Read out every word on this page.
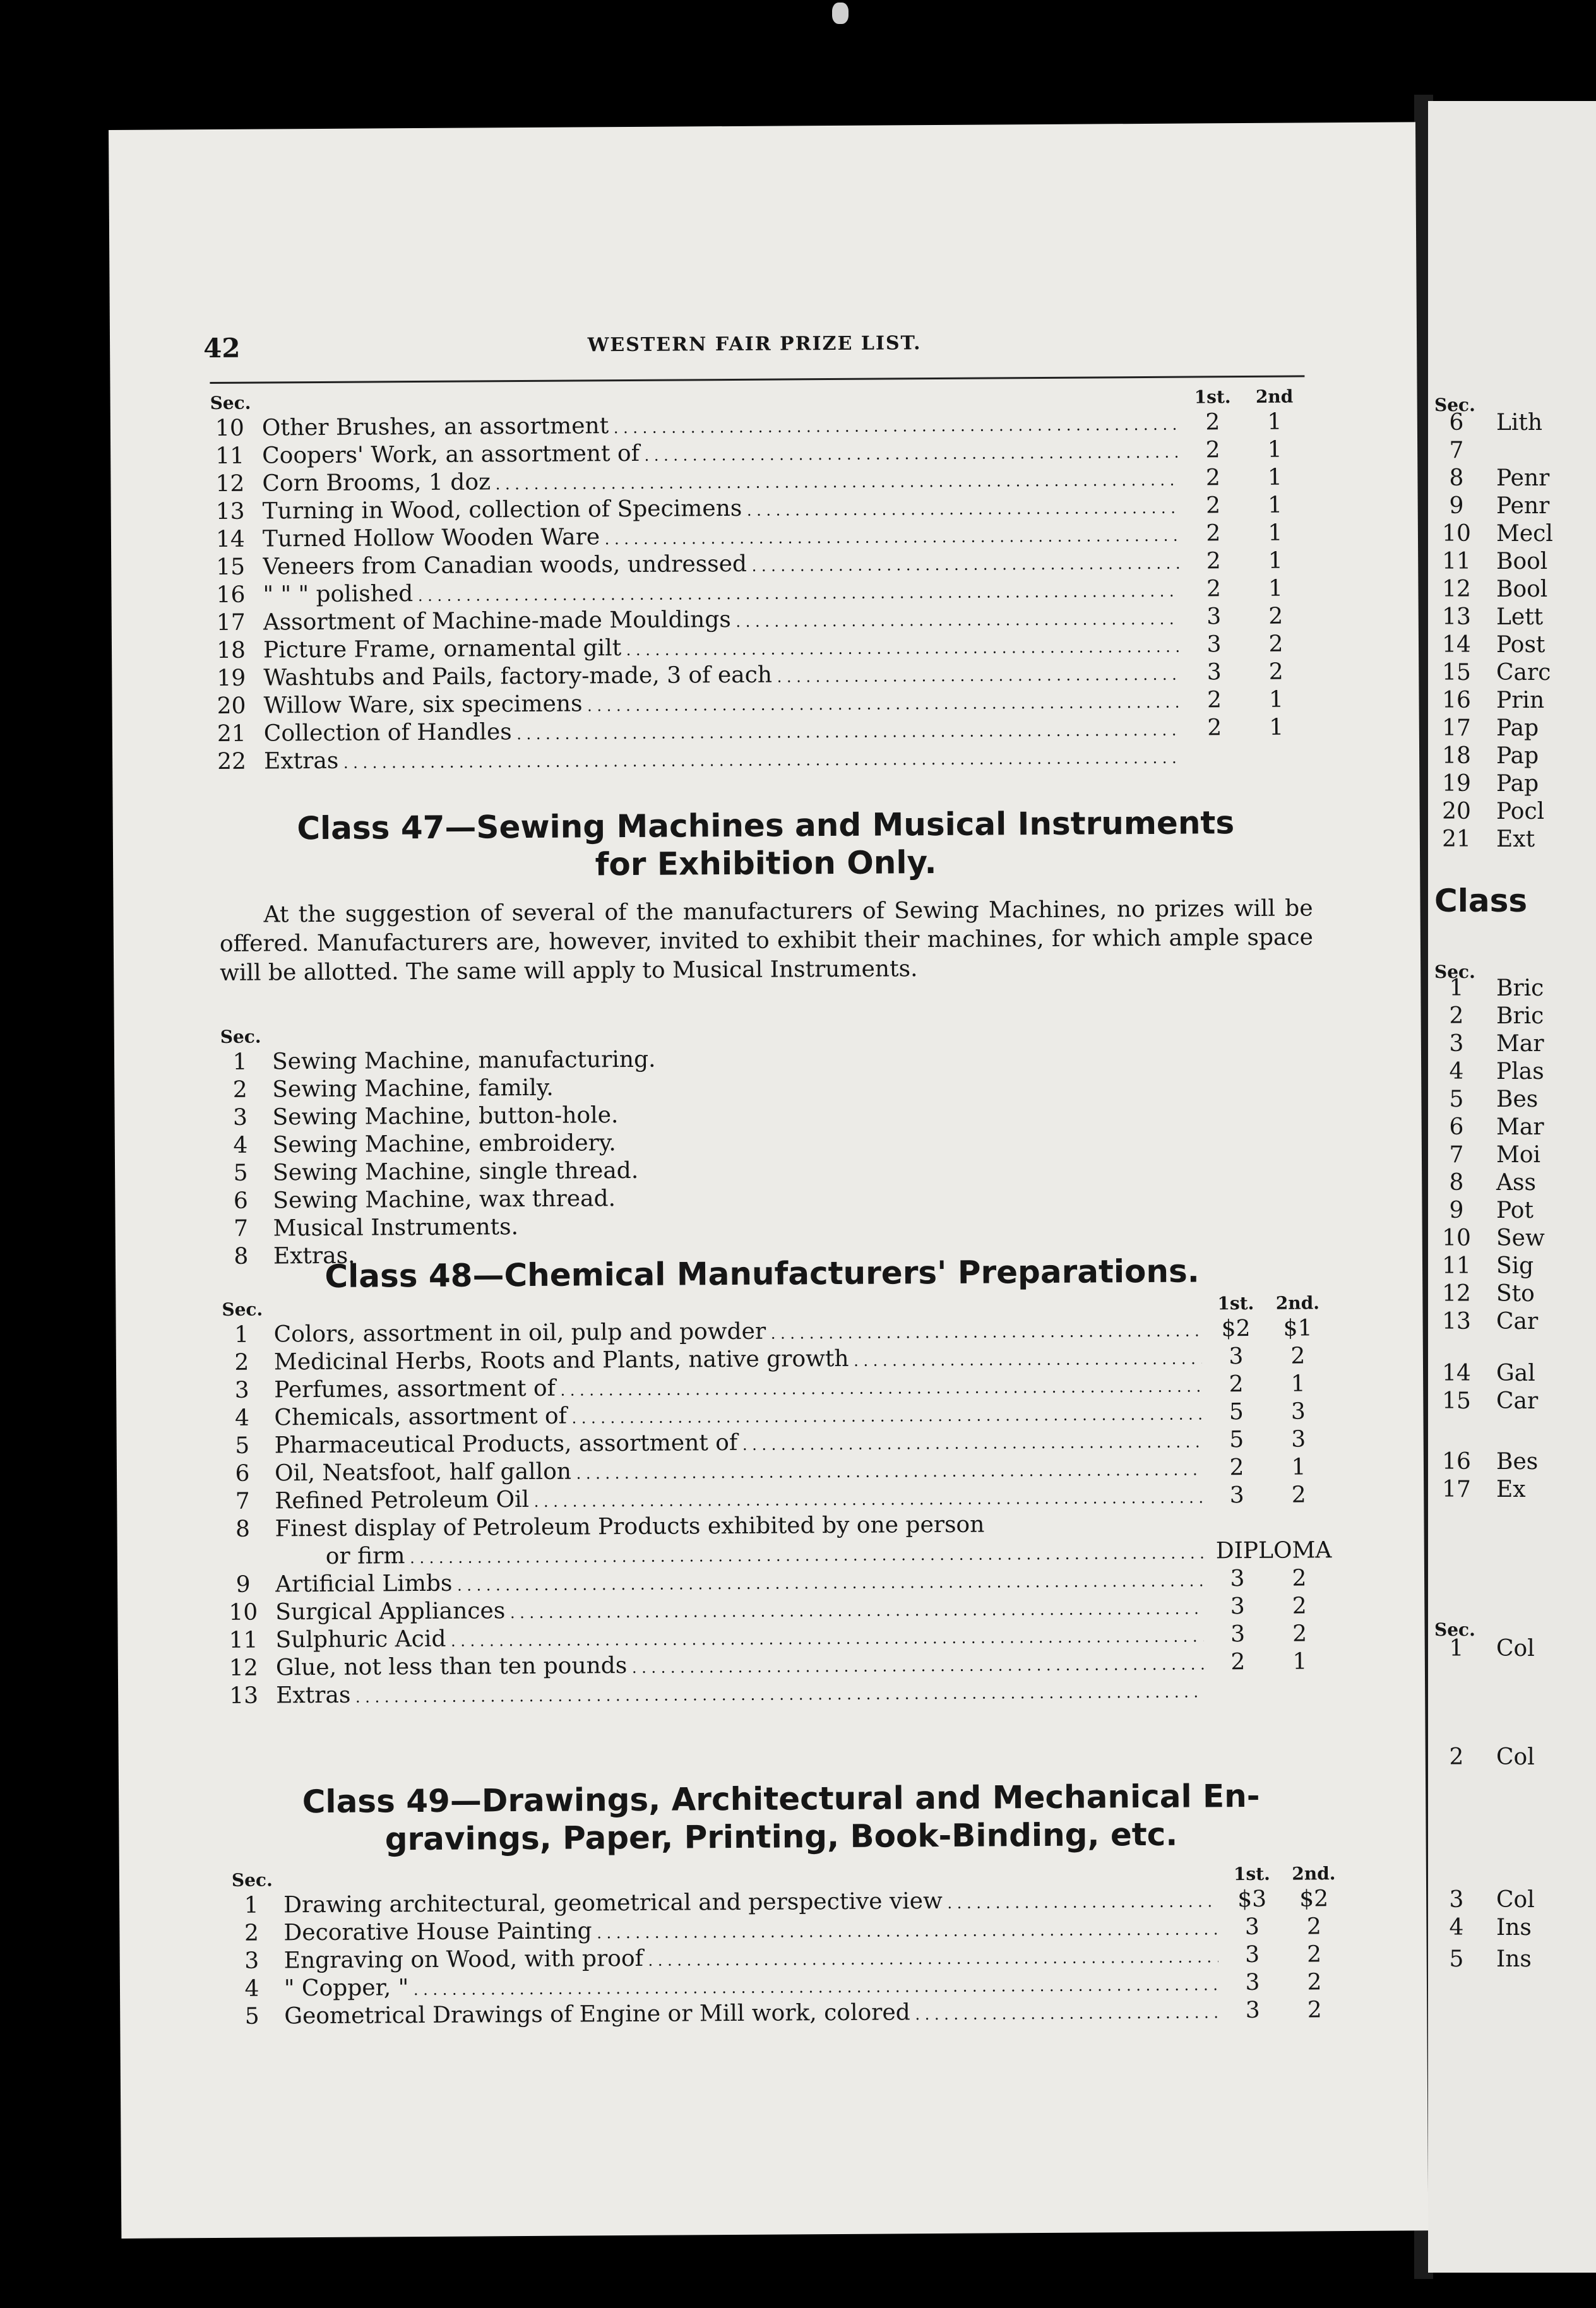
Sec.
6 Lith
7
8 Penr
9 Penr
10 Mecl
11 Bool
12 Bool
13 Lett
14 Post
15 Carc
16 Prin
17 Pap
18 Pap
19 Pap
20 Pocl
21 Ext
Class
Sec.
1 Bric
2 Bric
3 Mar
4 Plas
5 Bes
6 Mar
7 Moi
8 Ass
9 Pot
10 Sew
11 Sig
12 Sto
13 Car
14 Gal
15 Car
16 Bes
17 Ex
Sec.
1 Col
2 Col
3 Col
4 Ins
5 Ins
42	WESTERN FAIR PRIZE LIST.
Sec.	1st.	2nd
10 Other Brushes, an assortment . . .	2	1
11 Coopers' Work, an assortment of . . .	2	1
12 Corn Brooms, 1 doz . . .	2	1
13 Turning in Wood, collection of Specimens . . .	2	1
14 Turned Hollow Wooden Ware . . .	2	1
15 Veneers from Canadian woods, undressed . . .	2	1
16 " " " polished . . .	2	1
17 Assortment of Machine-made Mouldings . . .	3	2
18 Picture Frame, ornamental gilt . . .	3	2
19 Washtubs and Pails, factory-made, 3 of each . . .	3	2
20 Willow Ware, six specimens . . .	2	1
21 Collection of Handles . . .	2	1
22 Extras . . .
Class 47—Sewing Machines and Musical Instruments
for Exhibition Only.
At the suggestion of several of the manufacturers of Sewing Machines, no prizes will be offered. Manufacturers are, however, invited to exhibit their machines, for which ample space will be allotted. The same will apply to Musical Instruments.
Sec.
1	Sewing Machine, manufacturing.
2	Sewing Machine, family.
3	Sewing Machine, button-hole.
4	Sewing Machine, embroidery.
5	Sewing Machine, single thread.
6	Sewing Machine, wax thread.
7	Musical Instruments.
8	Extras.
Class 48—Chemical Manufacturers' Preparations.
Sec.	1st.	2nd.
1	Colors, assortment in oil, pulp and powder . . .	$2	$1
2	Medicinal Herbs, Roots and Plants, native growth . . .	3	2
3	Perfumes, assortment of . . .	2	1
4	Chemicals, assortment of . . .	5	3
5	Pharmaceutical Products, assortment of . . .	5	3
6	Oil, Neatsfoot, half gallon . . .	2	1
7	Refined Petroleum Oil . . .	3	2
8	Finest display of Petroleum Products exhibited by one person
or firm . . .	DIPLOMA
9	Artificial Limbs . . .	3	2
10 Surgical Appliances . . .	3	2
11 Sulphuric Acid . . .	3	2
12 Glue, not less than ten pounds . . .	2	1
13 Extras . . .
Class 49—Drawings, Architectural and Mechanical En-
gravings, Paper, Printing, Book-Binding, etc.
Sec.	1st.	2nd.
1	Drawing architectural, geometrical and perspective view . . .	$3	$2
2	Decorative House Painting . . .	3	2
3	Engraving on Wood, with proof . . .	3	2
4	" Copper, " . . .	3	2
5	Geometrical Drawings of Engine or Mill work, colored . . .	3	2
